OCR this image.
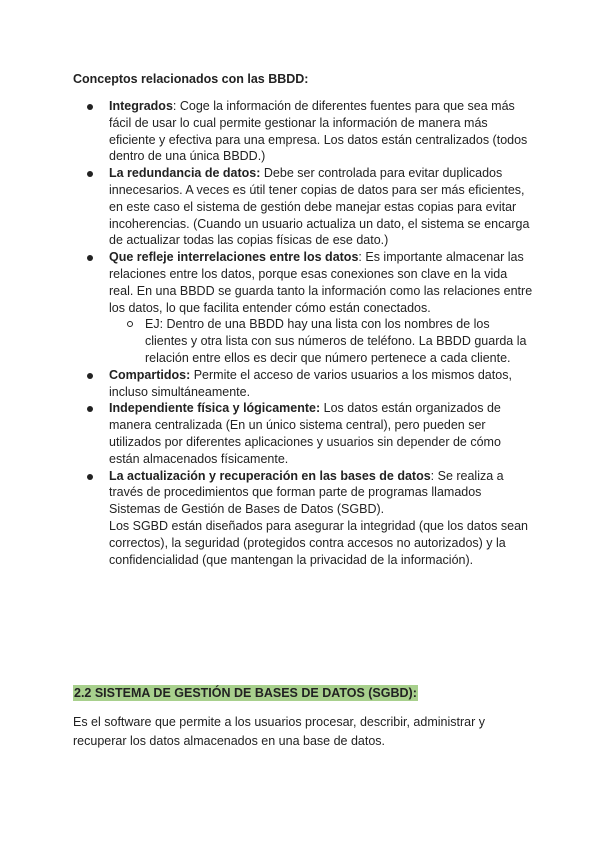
Conceptos relacionados con las BBDD:

Integrados: Coge la información de diferentes fuentes para que sea más fácil de usar lo cual permite gestionar la información de manera más eficiente y efectiva para una empresa. Los datos están centralizados (todos dentro de una única BBDD.)
La redundancia de datos: Debe ser controlada para evitar duplicados innecesarios. A veces es útil tener copias de datos para ser más eficientes, en este caso el sistema de gestión debe manejar estas copias para evitar incoherencias. (Cuando un usuario actualiza un dato, el sistema se encarga de actualizar todas las copias físicas de ese dato.)
Que refleje interrelaciones entre los datos: Es importante almacenar las relaciones entre los datos, porque esas conexiones son clave en la vida real. En una BBDD se guarda tanto la información como las relaciones entre los datos, lo que facilita entender cómo están conectados.
EJ: Dentro de una BBDD hay una lista con los nombres de los clientes y otra lista con sus números de teléfono. La BBDD guarda la relación entre ellos es decir que número pertenece a cada cliente.
Compartidos: Permite el acceso de varios usuarios a los mismos datos, incluso simultáneamente.
Independiente física y lógicamente: Los datos están organizados de manera centralizada (En un único sistema central), pero pueden ser utilizados por diferentes aplicaciones y usuarios sin depender de cómo están almacenados físicamente.
La actualización y recuperación en las bases de datos: Se realiza a través de procedimientos que forman parte de programas llamados Sistemas de Gestión de Bases de Datos (SGBD).

Los SGBD están diseñados para asegurar la integridad (que los datos sean correctos), la seguridad (protegidos contra accesos no autorizados) y la confidencialidad (que mantengan la privacidad de la información).

2.2 SISTEMA DE GESTIÓN DE BASES DE DATOS (SGBD):

Es el software que permite a los usuarios procesar, describir, administrar y recuperar los datos almacenados en una base de datos.
